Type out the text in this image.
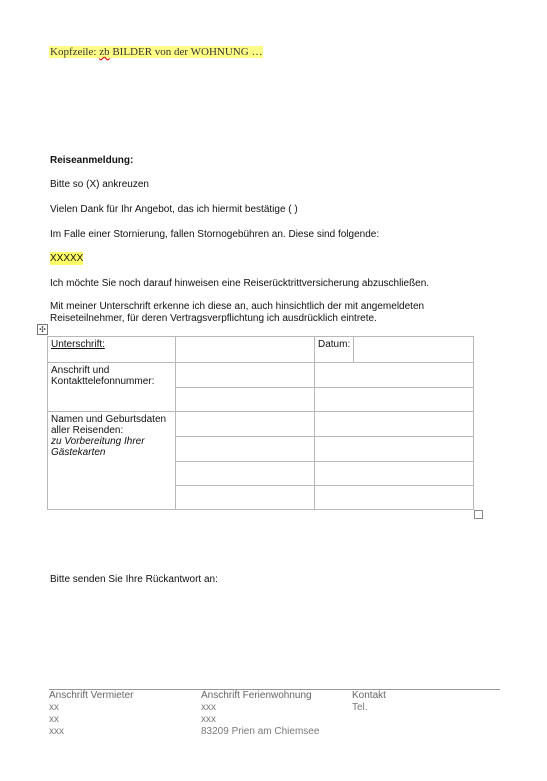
Kopfzeile: zb BILDER von der WOHNUNG …
Reiseanmeldung:
Bitte so (X) ankreuzen
Vielen Dank für Ihr Angebot, das ich hiermit bestätige ( )
Im Falle einer Stornierung, fallen Stornogebühren an. Diese sind folgende:
XXXXX
Ich möchte Sie noch darauf hinweisen eine Reiserücktrittversicherung abzuschließen.
Mit meiner Unterschrift erkenne ich diese an, auch hinsichtlich der mit angemeldeten
Reiseteilnehmer, für deren Vertragsverpflichtung ich ausdrücklich eintrete.
✣
Unterschrift:		Datum:	
Anschrift und Kontakttelefonnummer:			

Namen und Geburtsdaten aller Reisenden:
zu Vorbereitung Ihrer Gästekarten			

Bitte senden Sie Ihre Rückantwort an:
Anschrift Vermieter
xx
xx
xxx
Anschrift Ferienwohnung
xxx
xxx
83209 Prien am Chiemsee
Kontakt
Tel.
